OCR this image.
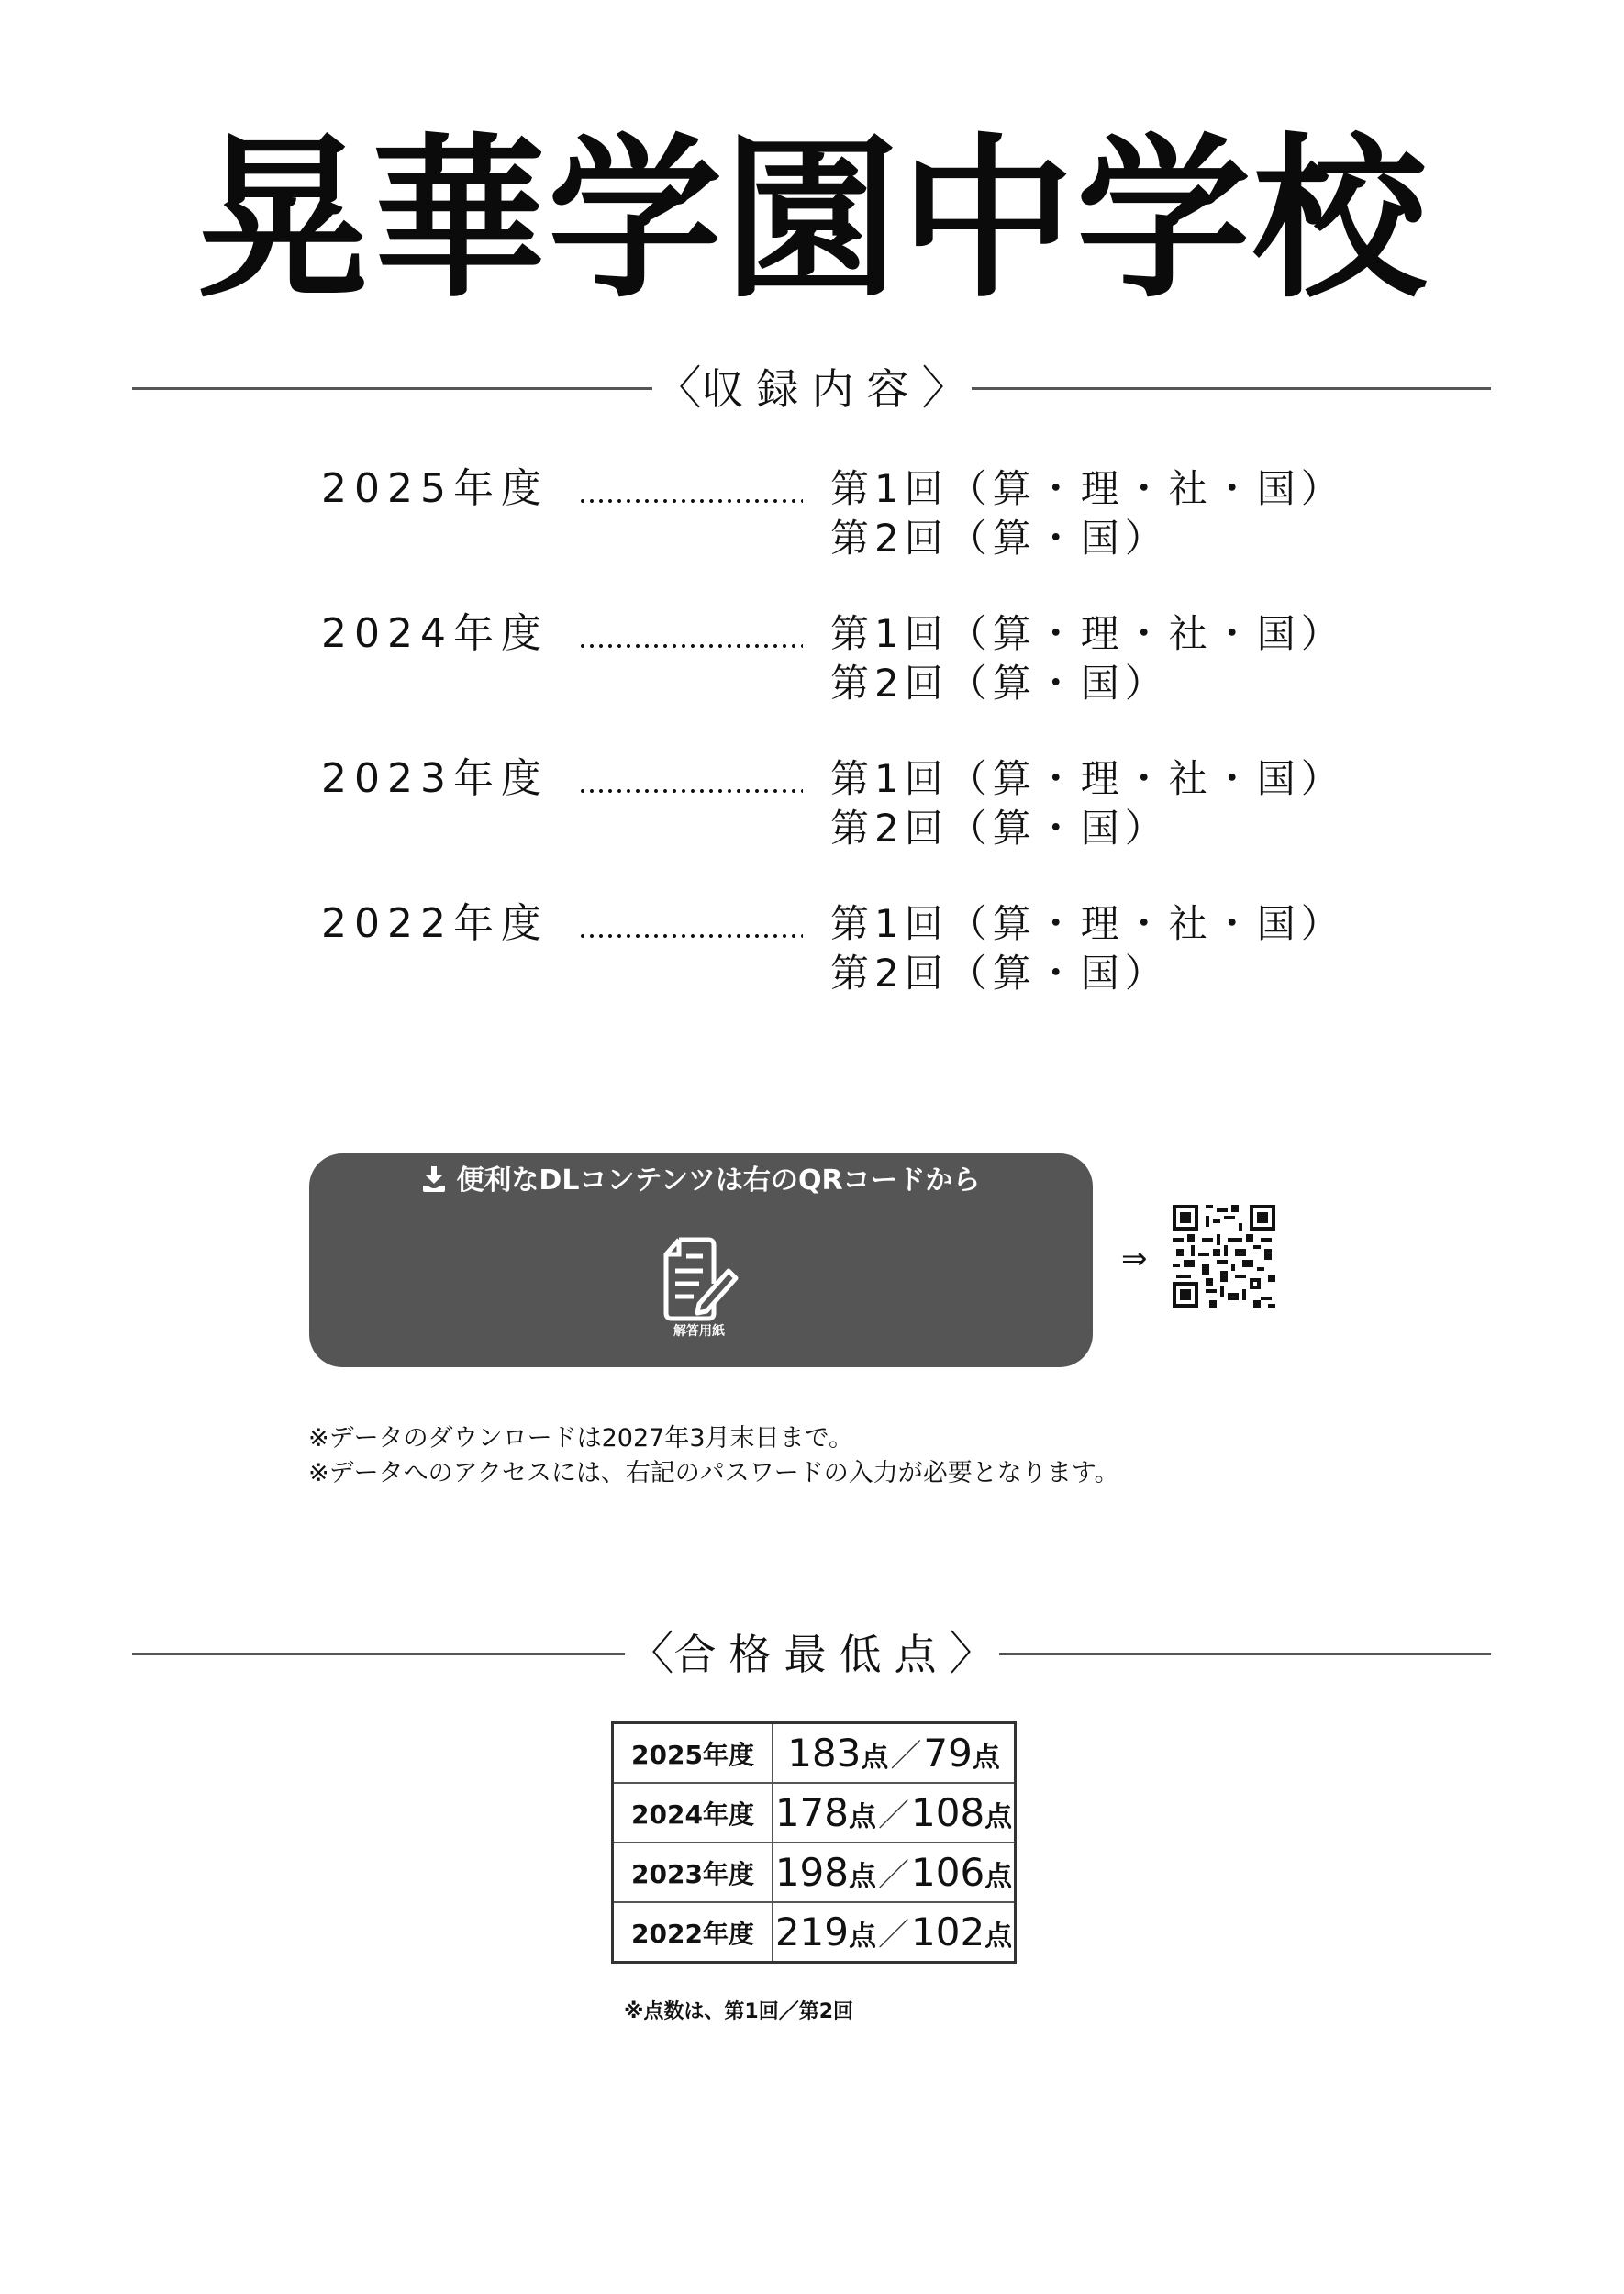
晃華学園中学校
〈収録内容〉
2025年度	第1回（算・理・社・国）
第2回（算・国）
2024年度	第1回（算・理・社・国）
第2回（算・国）
2023年度	第1回（算・理・社・国）
第2回（算・国）
2022年度	第1回（算・理・社・国）
第2回（算・国）
便利なDLコンテンツは右のQRコードから
解答用紙
⇒
※データのダウンロードは2027年3月末日まで。
※データへのアクセスには、右記のパスワードの入力が必要となります。
〈合格最低点〉
2025年度	183点／79点
2024年度	178点／108点
2023年度	198点／106点
2022年度	219点／102点
※点数は、第1回／第2回
